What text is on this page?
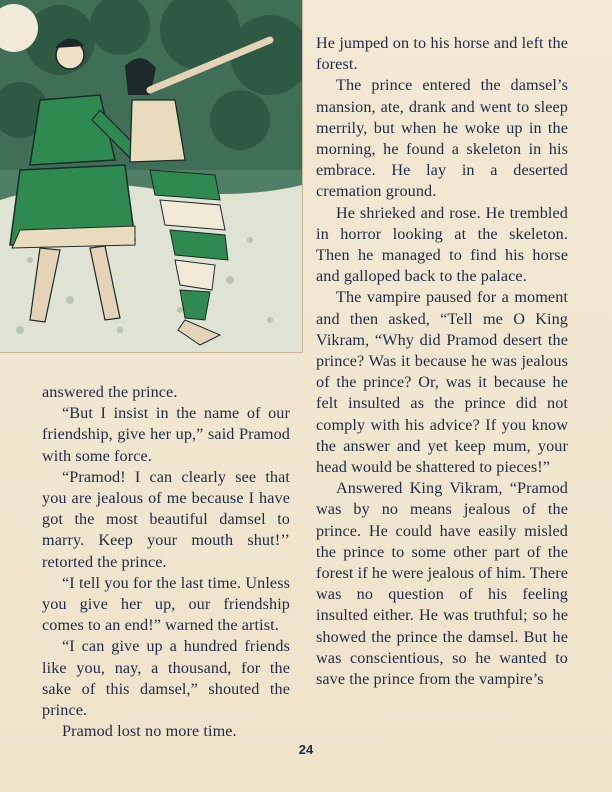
answered the prince.

“But I insist in the name of our friendship, give her up,” said Pramod with some force.

“Pramod! I can clearly see that you are jealous of me because I have got the most beautiful damsel to marry. Keep your mouth shut!’’ retorted the prince.

“I tell you for the last time. Unless you give her up, our friendship comes to an end!” warned the artist.

“I can give up a hundred friends like you, nay, a thousand, for the sake of this damsel,” shouted the prince.

Pramod lost no more time.

He jumped on to his horse and left the forest.

The prince entered the damsel’s mansion, ate, drank and went to sleep merrily, but when he woke up in the morning, he found a skeleton in his embrace. He lay in a deserted cremation ground.

He shrieked and rose. He trembled in horror looking at the skeleton. Then he managed to find his horse and galloped back to the palace.

The vampire paused for a moment and then asked, “Tell me O King Vikram, “Why did Pramod desert the prince? Was it because he was jealous of the prince? Or, was it because he felt insulted as the prince did not comply with his advice? If you know the answer and yet keep mum, your head would be shattered to pieces!”

Answered King Vikram, “Pramod was by no means jealous of the prince. He could have easily misled the prince to some other part of the forest if he were jealous of him. There was no question of his feeling insulted either. He was truthful; so he showed the prince the damsel. But he was conscientious, so he wanted to save the prince from the vampire’s

24
